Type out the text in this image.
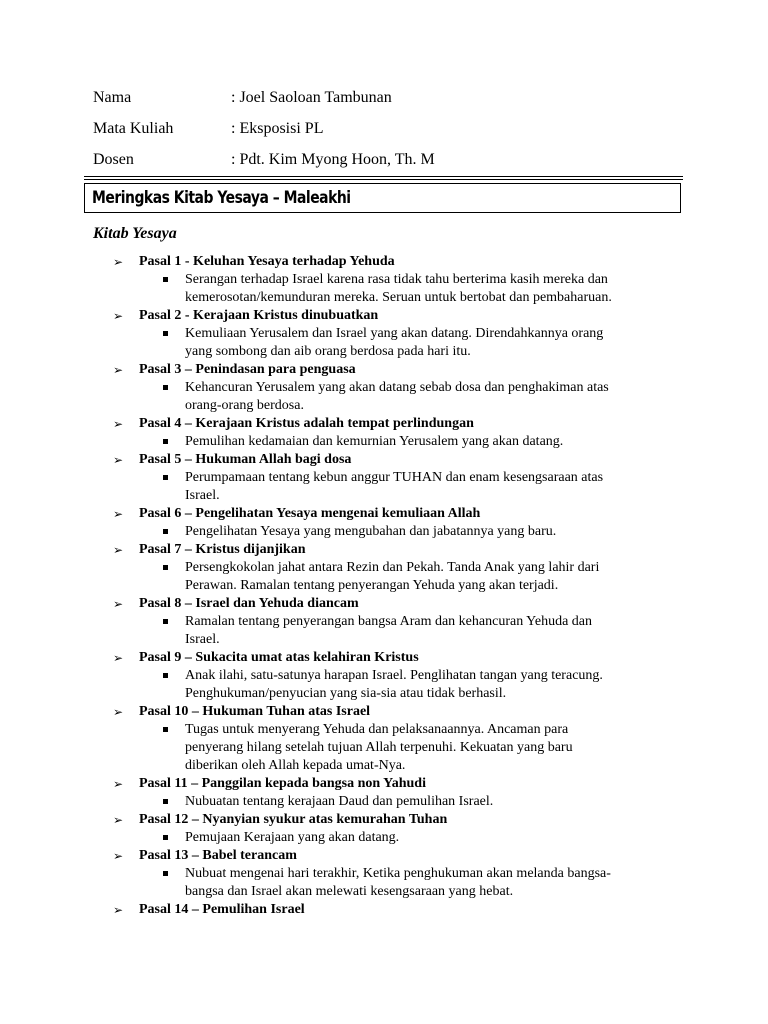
Nama	: Joel Saoloan Tambunan
Mata Kuliah	: Eksposisi PL
Dosen	: Pdt. Kim Myong Hoon, Th. M
Meringkas Kitab Yesaya – Maleakhi
Kitab Yesaya
➢ Pasal 1 - Keluhan Yesaya terhadap Yehuda
Serangan terhadap Israel karena rasa tidak tahu berterima kasih mereka dan
kemerosotan/kemunduran mereka. Seruan untuk bertobat dan pembaharuan.
➢ Pasal 2 - Kerajaan Kristus dinubuatkan
Kemuliaan Yerusalem dan Israel yang akan datang. Direndahkannya orang
yang sombong dan aib orang berdosa pada hari itu.
➢ Pasal 3 – Penindasan para penguasa
Kehancuran Yerusalem yang akan datang sebab dosa dan penghakiman atas
orang-orang berdosa.
➢ Pasal 4 – Kerajaan Kristus adalah tempat perlindungan
Pemulihan kedamaian dan kemurnian Yerusalem yang akan datang.
➢ Pasal 5 – Hukuman Allah bagi dosa
Perumpamaan tentang kebun anggur TUHAN dan enam kesengsaraan atas
Israel.
➢ Pasal 6 – Pengelihatan Yesaya mengenai kemuliaan Allah
Pengelihatan Yesaya yang mengubahan dan jabatannya yang baru.
➢ Pasal 7 – Kristus dijanjikan
Persengkokolan jahat antara Rezin dan Pekah. Tanda Anak yang lahir dari
Perawan. Ramalan tentang penyerangan Yehuda yang akan terjadi.
➢ Pasal 8 – Israel dan Yehuda diancam
Ramalan tentang penyerangan bangsa Aram dan kehancuran Yehuda dan
Israel.
➢ Pasal 9 – Sukacita umat atas kelahiran Kristus
Anak ilahi, satu-satunya harapan Israel. Penglihatan tangan yang teracung.
Penghukuman/penyucian yang sia-sia atau tidak berhasil.
➢ Pasal 10 – Hukuman Tuhan atas Israel
Tugas untuk menyerang Yehuda dan pelaksanaannya. Ancaman para
penyerang hilang setelah tujuan Allah terpenuhi. Kekuatan yang baru
diberikan oleh Allah kepada umat-Nya.
➢ Pasal 11 – Panggilan kepada bangsa non Yahudi
Nubuatan tentang kerajaan Daud dan pemulihan Israel.
➢ Pasal 12 – Nyanyian syukur atas kemurahan Tuhan
Pemujaan Kerajaan yang akan datang.
➢ Pasal 13 – Babel terancam
Nubuat mengenai hari terakhir, Ketika penghukuman akan melanda bangsa-
bangsa dan Israel akan melewati kesengsaraan yang hebat.
➢ Pasal 14 – Pemulihan Israel
